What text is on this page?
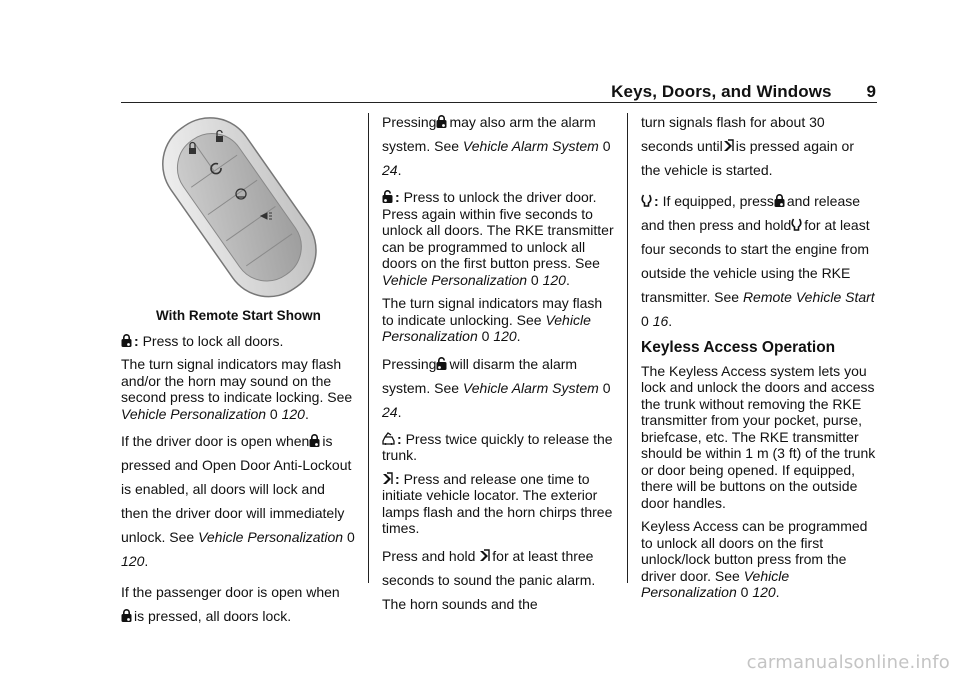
Keys, Doors, and Windows 9
With Remote Start Shown

: Press to lock all doors.

The turn signal indicators may flash and/or the horn may sound on the second press to indicate locking. See Vehicle Personalization 0 120.

If the driver door is open when is pressed and Open Door Anti-Lockout is enabled, all doors will lock and then the driver door will immediately unlock. See Vehicle Personalization 0 120.

If the passenger door is open when is pressed, all doors lock.

Pressing may also arm the alarm system. See Vehicle Alarm System 0 24.

: Press to unlock the driver door. Press again within five seconds to unlock all doors. The RKE transmitter can be programmed to unlock all doors on the first button press. See Vehicle Personalization 0 120.

The turn signal indicators may flash to indicate unlocking. See Vehicle Personalization 0 120.

Pressing will disarm the alarm system. See Vehicle Alarm System 0 24.

: Press twice quickly to release the trunk.

: Press and release one time to initiate vehicle locator. The exterior lamps flash and the horn chirps three times.

Press and hold for at least three seconds to sound the panic alarm. The horn sounds and the

turn signals flash for about 30 seconds until is pressed again or the vehicle is started.

: If equipped, press and release and then press and hold for at least four seconds to start the engine from outside the vehicle using the RKE transmitter. See Remote Vehicle Start 0 16.

Keyless Access Operation

The Keyless Access system lets you lock and unlock the doors and access the trunk without removing the RKE transmitter from your pocket, purse, briefcase, etc. The RKE transmitter should be within 1 m (3 ft) of the trunk or door being opened. If equipped, there will be buttons on the outside door handles.

Keyless Access can be programmed to unlock all doors on the first unlock/lock button press from the driver door. See Vehicle Personalization 0 120.

carmanualsonline.info
